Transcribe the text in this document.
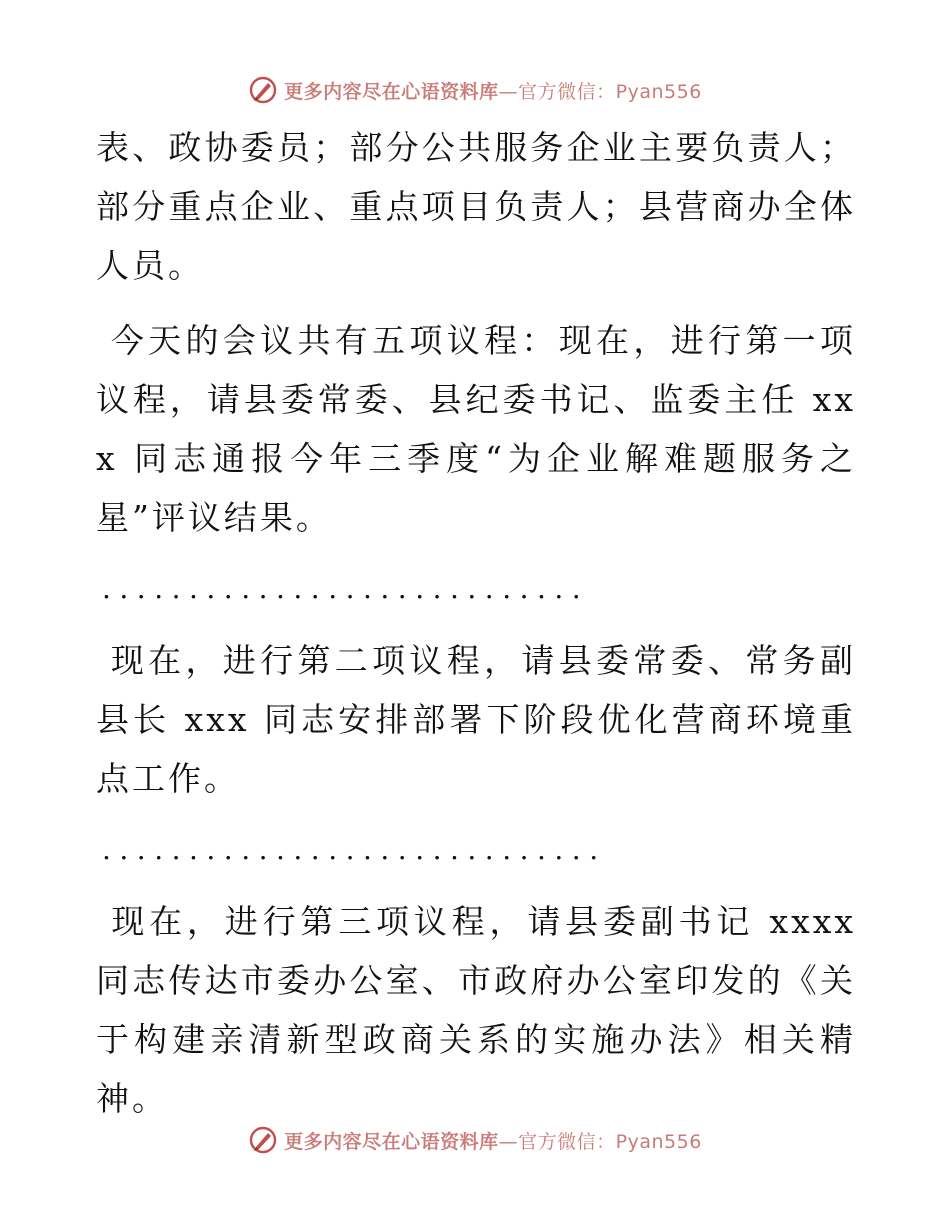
更多内容尽在心语资料库—官方微信：Pyan556

表、政协委员；部分公共服务企业主要负责人；部分重点企业、重点项目负责人；县营商办全体人员。

今天的会议共有五项议程：现在，进行第一项议程，请县委常委、县纪委书记、监委主任 xxx 同志通报今年三季度“为企业解难题服务之星”评议结果。

............................

现在，进行第二项议程，请县委常委、常务副县长 xxx 同志安排部署下阶段优化营商环境重点工作。

.............................

现在，进行第三项议程，请县委副书记 xxxx 同志传达市委办公室、市政府办公室印发的《关于构建亲清新型政商关系的实施办法》相关精神。

更多内容尽在心语资料库—官方微信：Pyan556
